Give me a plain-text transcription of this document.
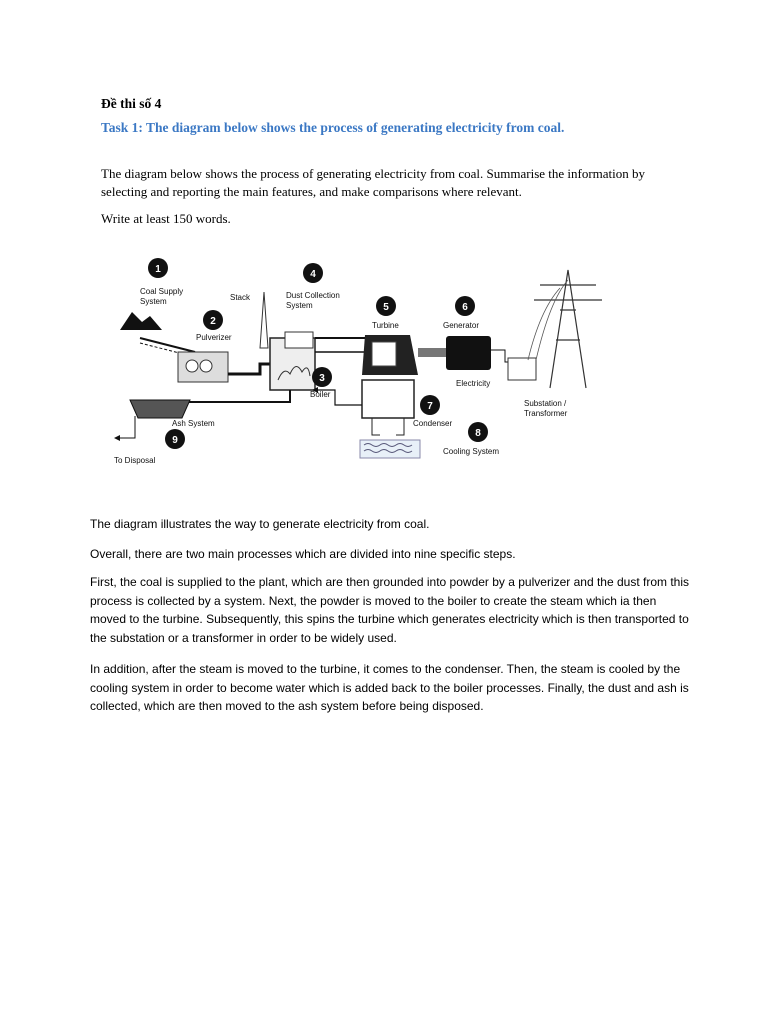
Đề thi số 4
Task 1: The diagram below shows the process of generating electricity from coal.
The diagram below shows the process of generating electricity from coal. Summarise the information by selecting and reporting the main features, and make comparisons where relevant.
Write at least 150 words.
1
2
3
4
5	6
7
8
9
Coal Supply
System
Pulverizer
Boiler
Dust Collection
System
Turbine	Generator
Condenser
Cooling System
Ash System
Stack
Electricity
Substation /
Transformer
To Disposal

The diagram illustrates the way to generate electricity from coal.

Overall, there are two main processes which are divided into nine specific steps.

First, the coal is supplied to the plant, which are then grounded into powder by a pulverizer and the dust from this process is collected by a system. Next, the powder is moved to the boiler to create the steam which ia then moved to the turbine. Subsequently, this spins the turbine which generates electricity which is then transported to the substation or a transformer in order to be widely used.

In addition, after the steam is moved to the turbine, it comes to the condenser. Then, the steam is cooled by the cooling system in order to become water which is added back to the boiler processes. Finally, the dust and ash is collected, which are then moved to the ash system before being disposed.
